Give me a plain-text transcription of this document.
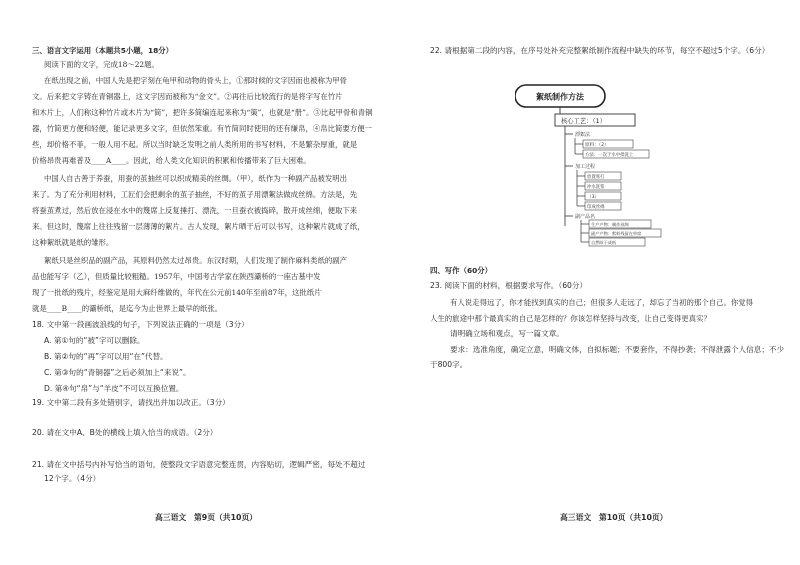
三、语言文字运用（本题共5小题，18分）
阅读下面的文字，完成18～22题。
在纸出现之前，中国人先是把字刻在龟甲和动物的骨头上，①那时候的文字因而也被称为甲骨
文。后来把文字铸在青铜器上，这文字因而被称为“金文”。②再往后比较流行的是将字写在竹片
和木片上，人们称这种竹片或木片为“简”，把许多简编连起来称为“策”，也就是“册”。③比起甲骨和青铜
器，竹简更方便和轻便，能记录更多文字，但依然笨重。有竹简同时使用的还有缣帛，④帛比简要方便一
些，却价格不菲，一般人用不起。所以当时缺乏发明之前人类所用的书写材料，不是繁杂厚重，就是
价格昂贵再难普及____A____。因此，给人类文化知识的积累和传播带来了巨大困难。
中国人自古善于养蚕，用蚕的茧抽丝可以织成精美的丝绸。（甲），纸作为一种副产品被发明出
来了。为了充分利用材料，工匠们会把剩余的茧子抽丝，不好的茧子用漂絮法做成丝绵。方法是，先
将蚕茧煮过，然后放在浸在水中的篾席上反复捶打、漂洗，一旦蚕衣被捣碎，散开成丝绵，便取下来
来。但这时，篾席上往往残留一层薄薄的絮片。古人发现，絮片晒干后可以书写，这种絮片就成了纸，
这种絮纸就是纸的雏形。
絮纸只是丝织品的副产品，其原料仍然太过昂贵。东汉时期，人们发现了制作麻料类纸的副产
品也能写字（乙），但质量比较粗糙。1957年，中国考古学家在陕西灞桥的一座古墓中发
现了一批纸的残片，经鉴定是用大麻纤维做的，年代在公元前140年至前87年，这批纸片
就是____B____的灞桥纸，是迄今为止世界上最早的纸张。
18. 文中第一段画波浪线的句子，下列说法正确的一项是（3分）
A. 第①句的“被”字可以删除。
B. 第②句的“再”字可以用“在”代替。
C. 第③句的“青铜器”之后必须加上“来说”。
D. 第④句“帛”与“羊皮”不可以互换位置。
19. 文中第二段有多处错别字，请找出并加以改正。（3分）
20. 请在文中A、B处的横线上填入恰当的成语。（2分）
21. 请在文中括号内补写恰当的语句，使整段文字语意完整连贯，内容贴切，逻辑严密，每处不超过
12个字。（4分）
高三语文　第9页（共10页）
22. 请根据第二段的内容，在序号处补充完整絮纸制作流程中缺失的环节，每空不超过5个字。（6分）
絮纸制作方法
核心工艺：（1）
漂絮法
原料：（2）
方法：一次于水中揉洗上
加工过程
放置席打
冲水洗浆
（3）
印成丝绵
副产品名
生产产物：制作丝绵
副产产物：絮料残留在草席
自然晾干成纸
四、写作（60分）
23. 阅读下面的材料，根据要求写作。（60分）
有人说走得远了，你才能找到真实的自己；但很多人走远了，却忘了当初的那个自己。你觉得
人生的旅途中那个最真实的自己是怎样的？你该怎样坚持与改变，让自己变得更真实？
请明确立场和观点，写一篇文章。
要求：选准角度，确定立意，明确文体，自拟标题；不要套作，不得抄袭；不得泄露个人信息；不少
于800字。
高三语文　第10页（共10页）
